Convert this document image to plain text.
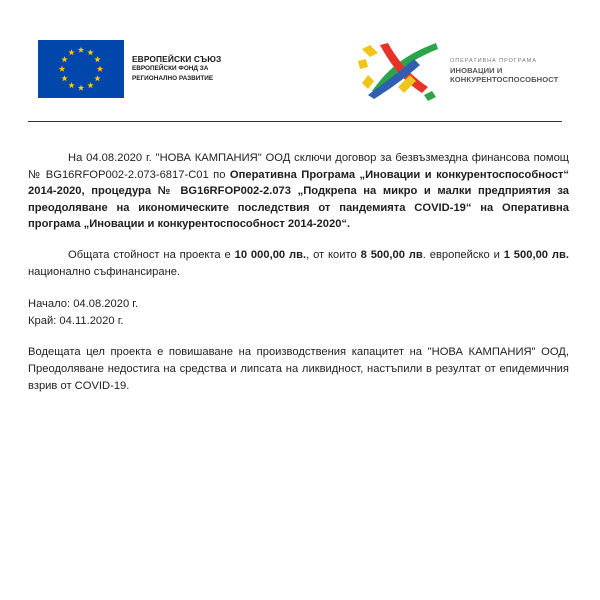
ЕВРОПЕЙСКИ СЪЮЗ
ЕВРОПЕЙСКИ ФОНД ЗА
РЕГИОНАЛНО РАЗВИТИЕ
ОПЕРАТИВНА ПРОГРАМА
ИНОВАЦИИ И
КОНКУРЕНТОСПОСОБНОСТ

На 04.08.2020 г. "НОВА КАМПАНИЯ" ООД сключи договор за безвъзмездна финансова помощ № BG16RFOP002-2.073-6817-C01 по Оперативна Програма „Иновации и конкурентоспособност“ 2014-2020, процедура № BG16RFOP002-2.073 „Подкрепа на микро и малки предприятия за преодоляване на икономическите последствия от пандемията COVID-19“ на Оперативна програма „Иновации и конкурентоспособност 2014-2020“.

Общата стойност на проекта е 10 000,00 лв., от които 8 500,00 лв. европейско и 1 500,00 лв. национално съфинансиране.

Начало: 04.08.2020 г.
Край: 04.11.2020 г.

Водещата цел проекта е повишаване на производствения капацитет на "НОВА КАМПАНИЯ" ООД, Преодоляване недостига на средства и липсата на ликвидност, настъпили в резултат от епидемичния взрив от COVID-19.
